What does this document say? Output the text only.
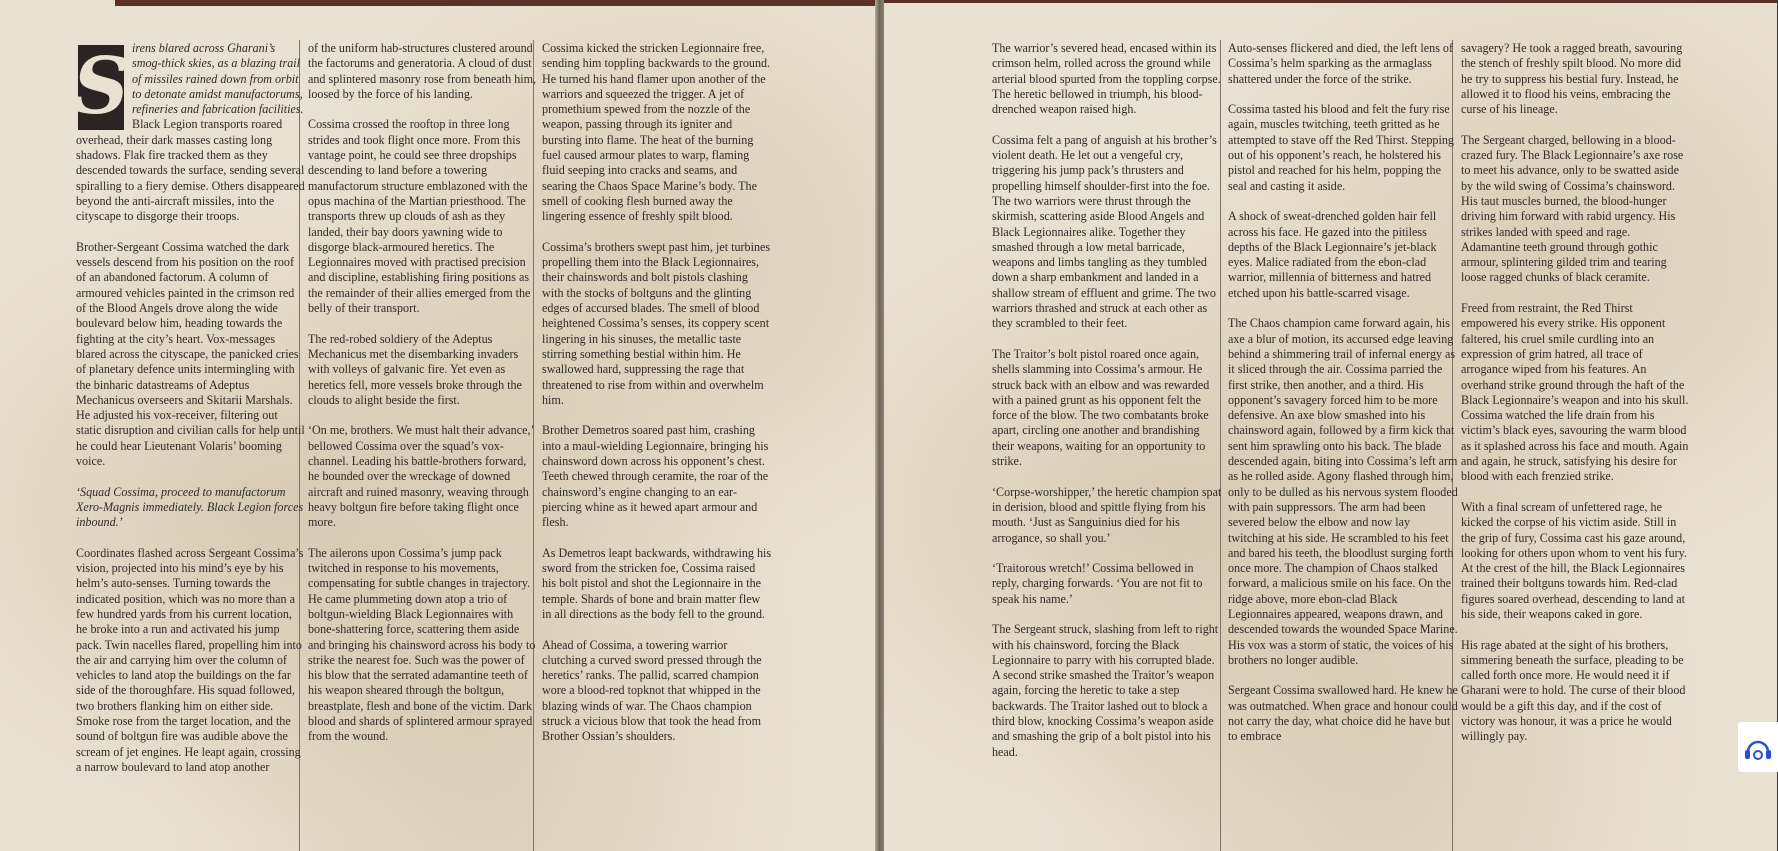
S irens blared across Gharani’s smog-thick skies, as a blazing trail of missiles rained down from orbit to detonate amidst manufactorums, refineries and fabrication facilities. Black Legion transports roared overhead, their dark masses casting long shadows. Flak fire tracked them as they descended towards the surface, sending several spiralling to a fiery demise. Others disappeared beyond the anti-aircraft missiles, into the cityscape to disgorge their troops.

Brother-Sergeant Cossima watched the dark vessels descend from his position on the roof of an abandoned factorum. A column of armoured vehicles painted in the crimson red of the Blood Angels drove along the wide boulevard below him, heading towards the fighting at the city’s heart. Vox-messages blared across the cityscape, the panicked cries of planetary defence units intermingling with the binharic datastreams of Adeptus Mechanicus overseers and Skitarii Marshals. He adjusted his vox-receiver, filtering out static disruption and civilian calls for help until he could hear Lieutenant Volaris’ booming voice.

‘Squad Cossima, proceed to manufactorum Xero-Magnis immediately. Black Legion forces inbound.’

Coordinates flashed across Sergeant Cossima’s vision, projected into his mind’s eye by his helm’s auto-senses. Turning towards the indicated position, which was no more than a few hundred yards from his current location, he broke into a run and activated his jump pack. Twin nacelles flared, propelling him into the air and carrying him over the column of vehicles to land atop the buildings on the far side of the thoroughfare. His squad followed, two brothers flanking him on either side. Smoke rose from the target location, and the sound of boltgun fire was audible above the scream of jet engines. He leapt again, crossing a narrow boulevard to land atop another

of the uniform hab-structures clustered around the factorums and generatoria. A cloud of dust and splintered masonry rose from beneath him, loosed by the force of his landing.

Cossima crossed the rooftop in three long strides and took flight once more. From this vantage point, he could see three dropships descending to land before a towering manufactorum structure emblazoned with the opus machina of the Martian priesthood. The transports threw up clouds of ash as they landed, their bay doors yawning wide to disgorge black-armoured heretics. The Legionnaires moved with practised precision and discipline, establishing firing positions as the remainder of their allies emerged from the belly of their transport.

The red-robed soldiery of the Adeptus Mechanicus met the disembarking invaders with volleys of galvanic fire. Yet even as heretics fell, more vessels broke through the clouds to alight beside the first.

‘On me, brothers. We must halt their advance,’ bellowed Cossima over the squad’s vox-channel. Leading his battle-brothers forward, he bounded over the wreckage of downed aircraft and ruined masonry, weaving through heavy boltgun fire before taking flight once more.

The ailerons upon Cossima’s jump pack twitched in response to his movements, compensating for subtle changes in trajectory. He came plummeting down atop a trio of boltgun-wielding Black Legionnaires with bone-shattering force, scattering them aside and bringing his chainsword across his body to strike the nearest foe. Such was the power of his blow that the serrated adamantine teeth of his weapon sheared through the boltgun, breastplate, flesh and bone of the victim. Dark blood and shards of splintered armour sprayed from the wound.

Cossima kicked the stricken Legionnaire free, sending him toppling backwards to the ground. He turned his hand flamer upon another of the warriors and squeezed the trigger. A jet of promethium spewed from the nozzle of the weapon, passing through its igniter and bursting into flame. The heat of the burning fuel caused armour plates to warp, flaming fluid seeping into cracks and seams, and searing the Chaos Space Marine’s body. The smell of cooking flesh burned away the lingering essence of freshly spilt blood.

Cossima’s brothers swept past him, jet turbines propelling them into the Black Legionnaires, their chainswords and bolt pistols clashing with the stocks of boltguns and the glinting edges of accursed blades. The smell of blood heightened Cossima’s senses, its coppery scent lingering in his sinuses, the metallic taste stirring something bestial within him. He swallowed hard, suppressing the rage that threatened to rise from within and overwhelm him.

Brother Demetros soared past him, crashing into a maul-wielding Legionnaire, bringing his chainsword down across his opponent’s chest. Teeth chewed through ceramite, the roar of the chainsword’s engine changing to an ear-piercing whine as it hewed apart armour and flesh.

As Demetros leapt backwards, withdrawing his sword from the stricken foe, Cossima raised his bolt pistol and shot the Legionnaire in the temple. Shards of bone and brain matter flew in all directions as the body fell to the ground.

Ahead of Cossima, a towering warrior clutching a curved sword pressed through the heretics’ ranks. The pallid, scarred champion wore a blood-red topknot that whipped in the blazing winds of war. The Chaos champion struck a vicious blow that took the head from Brother Ossian’s shoulders.

The warrior’s severed head, encased within its crimson helm, rolled across the ground while arterial blood spurted from the toppling corpse. The heretic bellowed in triumph, his blood-drenched weapon raised high.

Cossima felt a pang of anguish at his brother’s violent death. He let out a vengeful cry, triggering his jump pack’s thrusters and propelling himself shoulder-first into the foe. The two warriors were thrust through the skirmish, scattering aside Blood Angels and Black Legionnaires alike. Together they smashed through a low metal barricade, weapons and limbs tangling as they tumbled down a sharp embankment and landed in a shallow stream of effluent and grime. The two warriors thrashed and struck at each other as they scrambled to their feet.

The Traitor’s bolt pistol roared once again, shells slamming into Cossima’s armour. He struck back with an elbow and was rewarded with a pained grunt as his opponent felt the force of the blow. The two combatants broke apart, circling one another and brandishing their weapons, waiting for an opportunity to strike.

‘Corpse-worshipper,’ the heretic champion spat in derision, blood and spittle flying from his mouth. ‘Just as Sanguinius died for his arrogance, so shall you.’

‘Traitorous wretch!’ Cossima bellowed in reply, charging forwards. ‘You are not fit to speak his name.’

The Sergeant struck, slashing from left to right with his chainsword, forcing the Black Legionnaire to parry with his corrupted blade. A second strike smashed the Traitor’s weapon again, forcing the heretic to take a step backwards. The Traitor lashed out to block a third blow, knocking Cossima’s weapon aside and smashing the grip of a bolt pistol into his head.

Auto-senses flickered and died, the left lens of Cossima’s helm sparking as the armaglass shattered under the force of the strike.

Cossima tasted his blood and felt the fury rise again, muscles twitching, teeth gritted as he attempted to stave off the Red Thirst. Stepping out of his opponent’s reach, he holstered his pistol and reached for his helm, popping the seal and casting it aside.

A shock of sweat-drenched golden hair fell across his face. He gazed into the pitiless depths of the Black Legionnaire’s jet-black eyes. Malice radiated from the ebon-clad warrior, millennia of bitterness and hatred etched upon his battle-scarred visage.

The Chaos champion came forward again, his axe a blur of motion, its accursed edge leaving behind a shimmering trail of infernal energy as it sliced through the air. Cossima parried the first strike, then another, and a third. His opponent’s savagery forced him to be more defensive. An axe blow smashed into his chainsword again, followed by a firm kick that sent him sprawling onto his back. The blade descended again, biting into Cossima’s left arm as he rolled aside. Agony flashed through him, only to be dulled as his nervous system flooded with pain suppressors. The arm had been severed below the elbow and now lay twitching at his side. He scrambled to his feet and bared his teeth, the bloodlust surging forth once more. The champion of Chaos stalked forward, a malicious smile on his face. On the ridge above, more ebon-clad Black Legionnaires appeared, weapons drawn, and descended towards the wounded Space Marine. His vox was a storm of static, the voices of his brothers no longer audible.

Sergeant Cossima swallowed hard. He knew he was outmatched. When grace and honour could not carry the day, what choice did he have but to embrace

savagery? He took a ragged breath, savouring the stench of freshly spilt blood. No more did he try to suppress his bestial fury. Instead, he allowed it to flood his veins, embracing the curse of his lineage.

The Sergeant charged, bellowing in a blood-crazed fury. The Black Legionnaire’s axe rose to meet his advance, only to be swatted aside by the wild swing of Cossima’s chainsword. His taut muscles burned, the blood-hunger driving him forward with rabid urgency. His strikes landed with speed and rage. Adamantine teeth ground through gothic armour, splintering gilded trim and tearing loose ragged chunks of black ceramite.

Freed from restraint, the Red Thirst empowered his every strike. His opponent faltered, his cruel smile curdling into an expression of grim hatred, all trace of arrogance wiped from his features. An overhand strike ground through the haft of the Black Legionnaire’s weapon and into his skull. Cossima watched the life drain from his victim’s black eyes, savouring the warm blood as it splashed across his face and mouth. Again and again, he struck, satisfying his desire for blood with each frenzied strike.

With a final scream of unfettered rage, he kicked the corpse of his victim aside. Still in the grip of fury, Cossima cast his gaze around, looking for others upon whom to vent his fury. At the crest of the hill, the Black Legionnaires trained their boltguns towards him. Red-clad figures soared overhead, descending to land at his side, their weapons caked in gore.

His rage abated at the sight of his brothers, simmering beneath the surface, pleading to be called forth once more. He would need it if Gharani were to hold. The curse of their blood would be a gift this day, and if the cost of victory was honour, it was a price he would willingly pay.
